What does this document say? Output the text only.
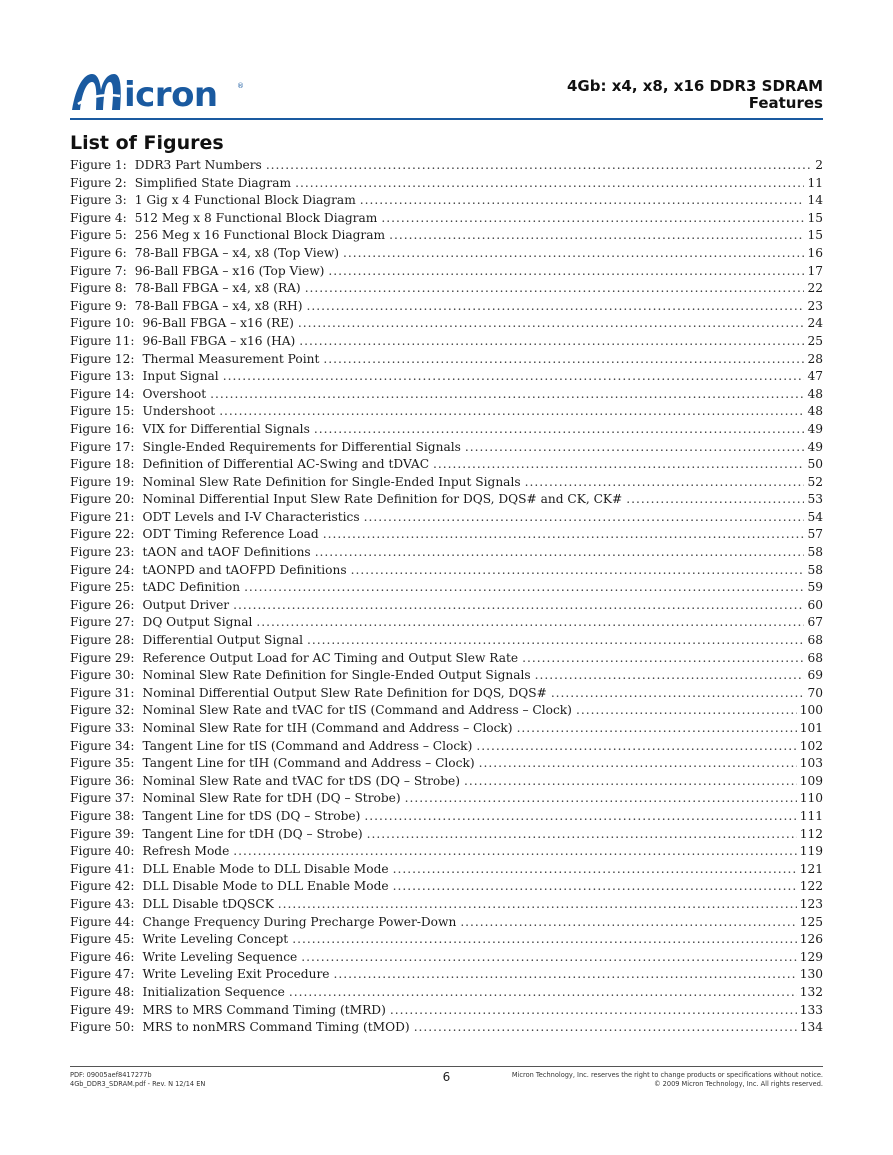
icron	®	4Gb: x4, x8, x16 DDR3 SDRAM
Features
List of Figures
Figure 1: DDR3 Part Numbers .....	2
Figure 2: Simplified State Diagram .....	11
Figure 3: 1 Gig x 4 Functional Block Diagram .....	14
Figure 4: 512 Meg x 8 Functional Block Diagram .....	15
Figure 5: 256 Meg x 16 Functional Block Diagram .....	15
Figure 6: 78-Ball FBGA – x4, x8 (Top View) .....	16
Figure 7: 96-Ball FBGA – x16 (Top View) .....	17
Figure 8: 78-Ball FBGA – x4, x8 (RA) .....	22
Figure 9: 78-Ball FBGA – x4, x8 (RH) .....	23
Figure 10: 96-Ball FBGA – x16 (RE) .....	24
Figure 11: 96-Ball FBGA – x16 (HA) .....	25
Figure 12: Thermal Measurement Point .....	28
Figure 13: Input Signal .....	47
Figure 14: Overshoot .....	48
Figure 15: Undershoot .....	48
Figure 16: VIX for Differential Signals .....	49
Figure 17: Single-Ended Requirements for Differential Signals .....	49
Figure 18: Definition of Differential AC-Swing and tDVAC .....	50
Figure 19: Nominal Slew Rate Definition for Single-Ended Input Signals .....	52
Figure 20: Nominal Differential Input Slew Rate Definition for DQS, DQS# and CK, CK# .....	53
Figure 21: ODT Levels and I-V Characteristics .....	54
Figure 22: ODT Timing Reference Load .....	57
Figure 23: tAON and tAOF Definitions .....	58
Figure 24: tAONPD and tAOFPD Definitions .....	58
Figure 25: tADC Definition .....	59
Figure 26: Output Driver .....	60
Figure 27: DQ Output Signal .....	67
Figure 28: Differential Output Signal .....	68
Figure 29: Reference Output Load for AC Timing and Output Slew Rate .....	68
Figure 30: Nominal Slew Rate Definition for Single-Ended Output Signals .....	69
Figure 31: Nominal Differential Output Slew Rate Definition for DQS, DQS# .....	70
Figure 32: Nominal Slew Rate and tVAC for tIS (Command and Address – Clock) .....	100
Figure 33: Nominal Slew Rate for tIH (Command and Address – Clock) .....	101
Figure 34: Tangent Line for tIS (Command and Address – Clock) .....	102
Figure 35: Tangent Line for tIH (Command and Address – Clock) .....	103
Figure 36: Nominal Slew Rate and tVAC for tDS (DQ – Strobe) .....	109
Figure 37: Nominal Slew Rate for tDH (DQ – Strobe) .....	110
Figure 38: Tangent Line for tDS (DQ – Strobe) .....	111
Figure 39: Tangent Line for tDH (DQ – Strobe) .....	112
Figure 40: Refresh Mode .....	119
Figure 41: DLL Enable Mode to DLL Disable Mode .....	121
Figure 42: DLL Disable Mode to DLL Enable Mode .....	122
Figure 43: DLL Disable tDQSCK .....	123
Figure 44: Change Frequency During Precharge Power-Down .....	125
Figure 45: Write Leveling Concept .....	126
Figure 46: Write Leveling Sequence .....	129
Figure 47: Write Leveling Exit Procedure .....	130
Figure 48: Initialization Sequence .....	132
Figure 49: MRS to MRS Command Timing (tMRD) .....	133
Figure 50: MRS to nonMRS Command Timing (tMOD) .....	134
PDF: 09005aef8417277b
4Gb_DDR3_SDRAM.pdf - Rev. N 12/14 EN	6	Micron Technology, Inc. reserves the right to change products or specifications without notice.
© 2009 Micron Technology, Inc. All rights reserved.
